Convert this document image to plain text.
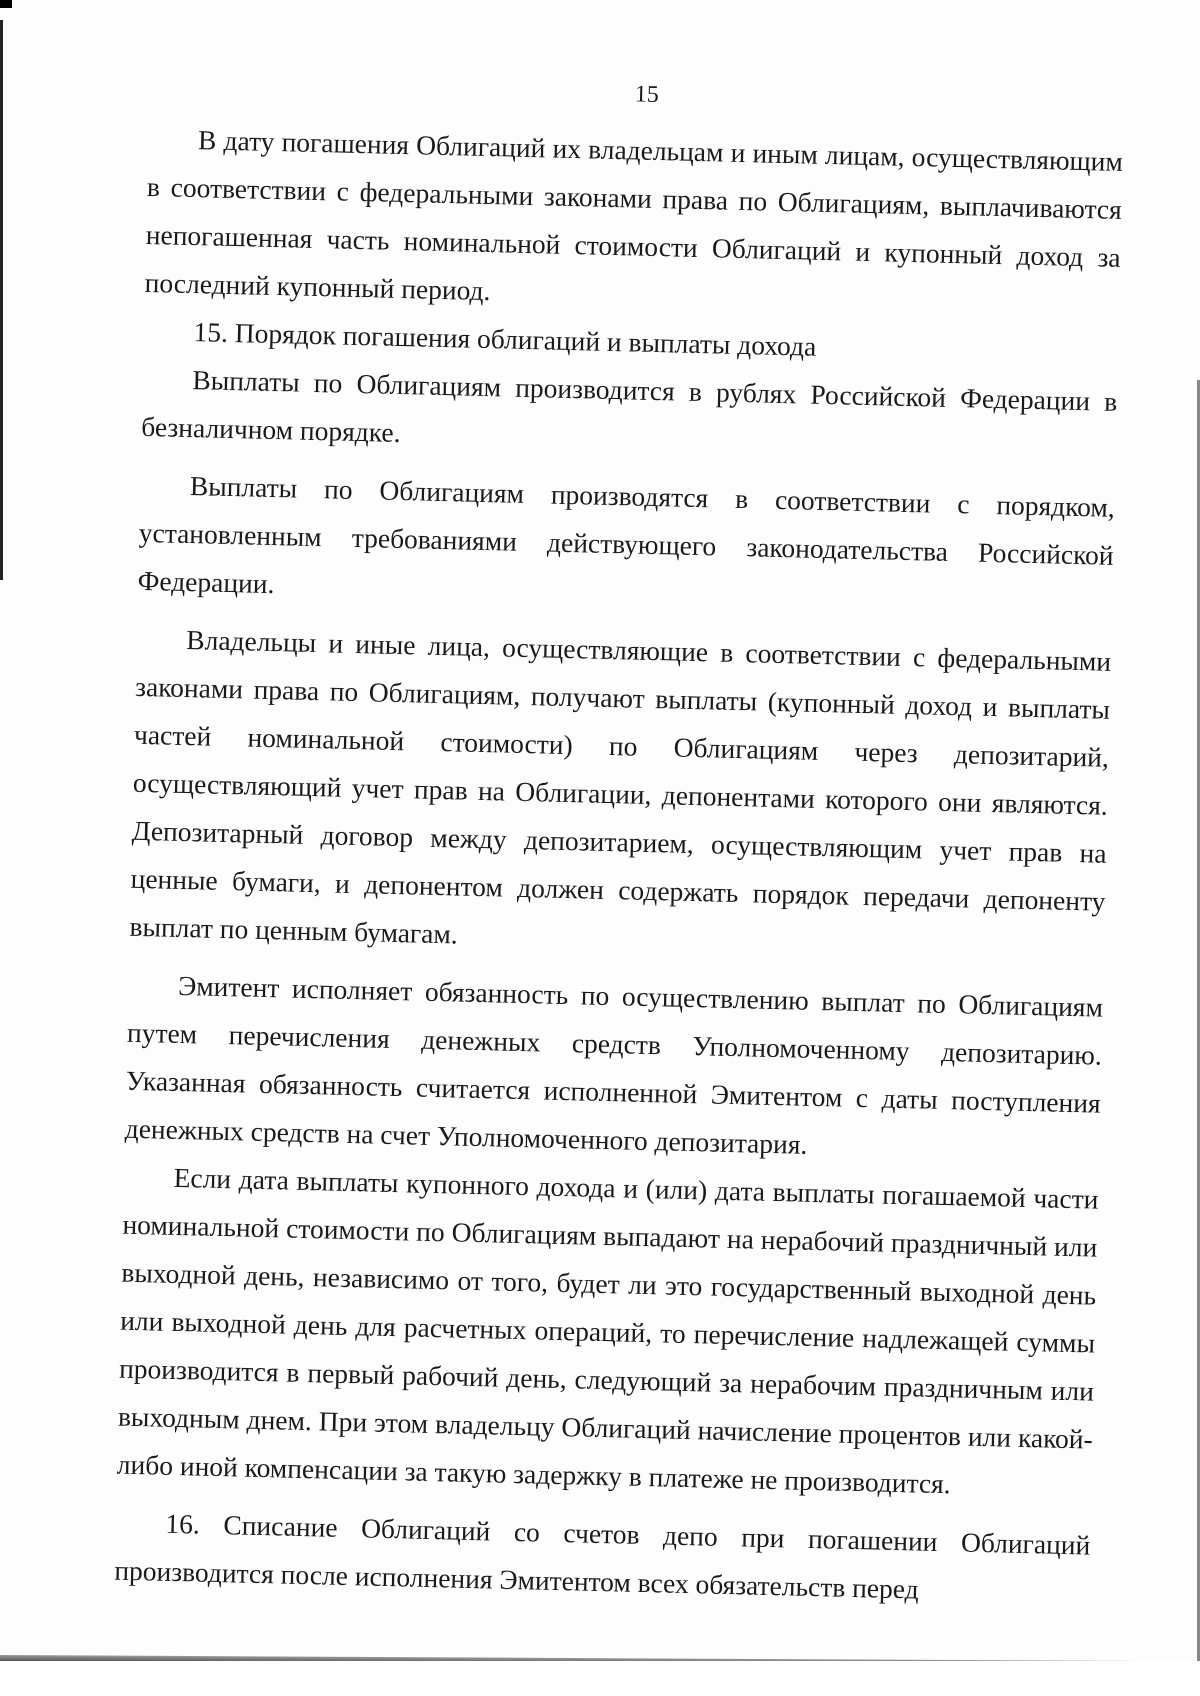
15

В дату погашения Облигаций их владельцам и иным лицам, осуществляющим в соответствии с федеральными законами права по Облигациям, выплачиваются непогашенная часть номинальной стоимости Облигаций и купонный доход за последний купонный период.

15. Порядок погашения облигаций и выплаты дохода

Выплаты по Облигациям производится в рублях Российской Федерации в безналичном порядке.

Выплаты по Облигациям производятся в соответствии с порядком, установленным требованиями действующего законодательства Российской Федерации.

Владельцы и иные лица, осуществляющие в соответствии с федеральными законами права по Облигациям, получают выплаты (купонный доход и выплаты частей номинальной стоимости) по Облигациям через депозитарий, осуществляющий учет прав на Облигации, депонентами которого они являются. Депозитарный договор между депозитарием, осуществляющим учет прав на ценные бумаги, и депонентом должен содержать порядок передачи депоненту выплат по ценным бумагам.

Эмитент исполняет обязанность по осуществлению выплат по Облигациям путем перечисления денежных средств Уполномоченному депозитарию. Указанная обязанность считается исполненной Эмитентом с даты поступления денежных средств на счет Уполномоченного депозитария.

Если дата выплаты купонного дохода и (или) дата выплаты погашаемой части номинальной стоимости по Облигациям выпадают на нерабочий праздничный или выходной день, независимо от того, будет ли это государственный выходной день или выходной день для расчетных операций, то перечисление надлежащей суммы производится в первый рабочий день, следующий за нерабочим праздничным или выходным днем. При этом владельцу Облигаций начисление процентов или какой-либо иной компенсации за такую задержку в платеже не производится.

16. Списание Облигаций со счетов депо при погашении Облигаций производится после исполнения Эмитентом всех обязательств перед
